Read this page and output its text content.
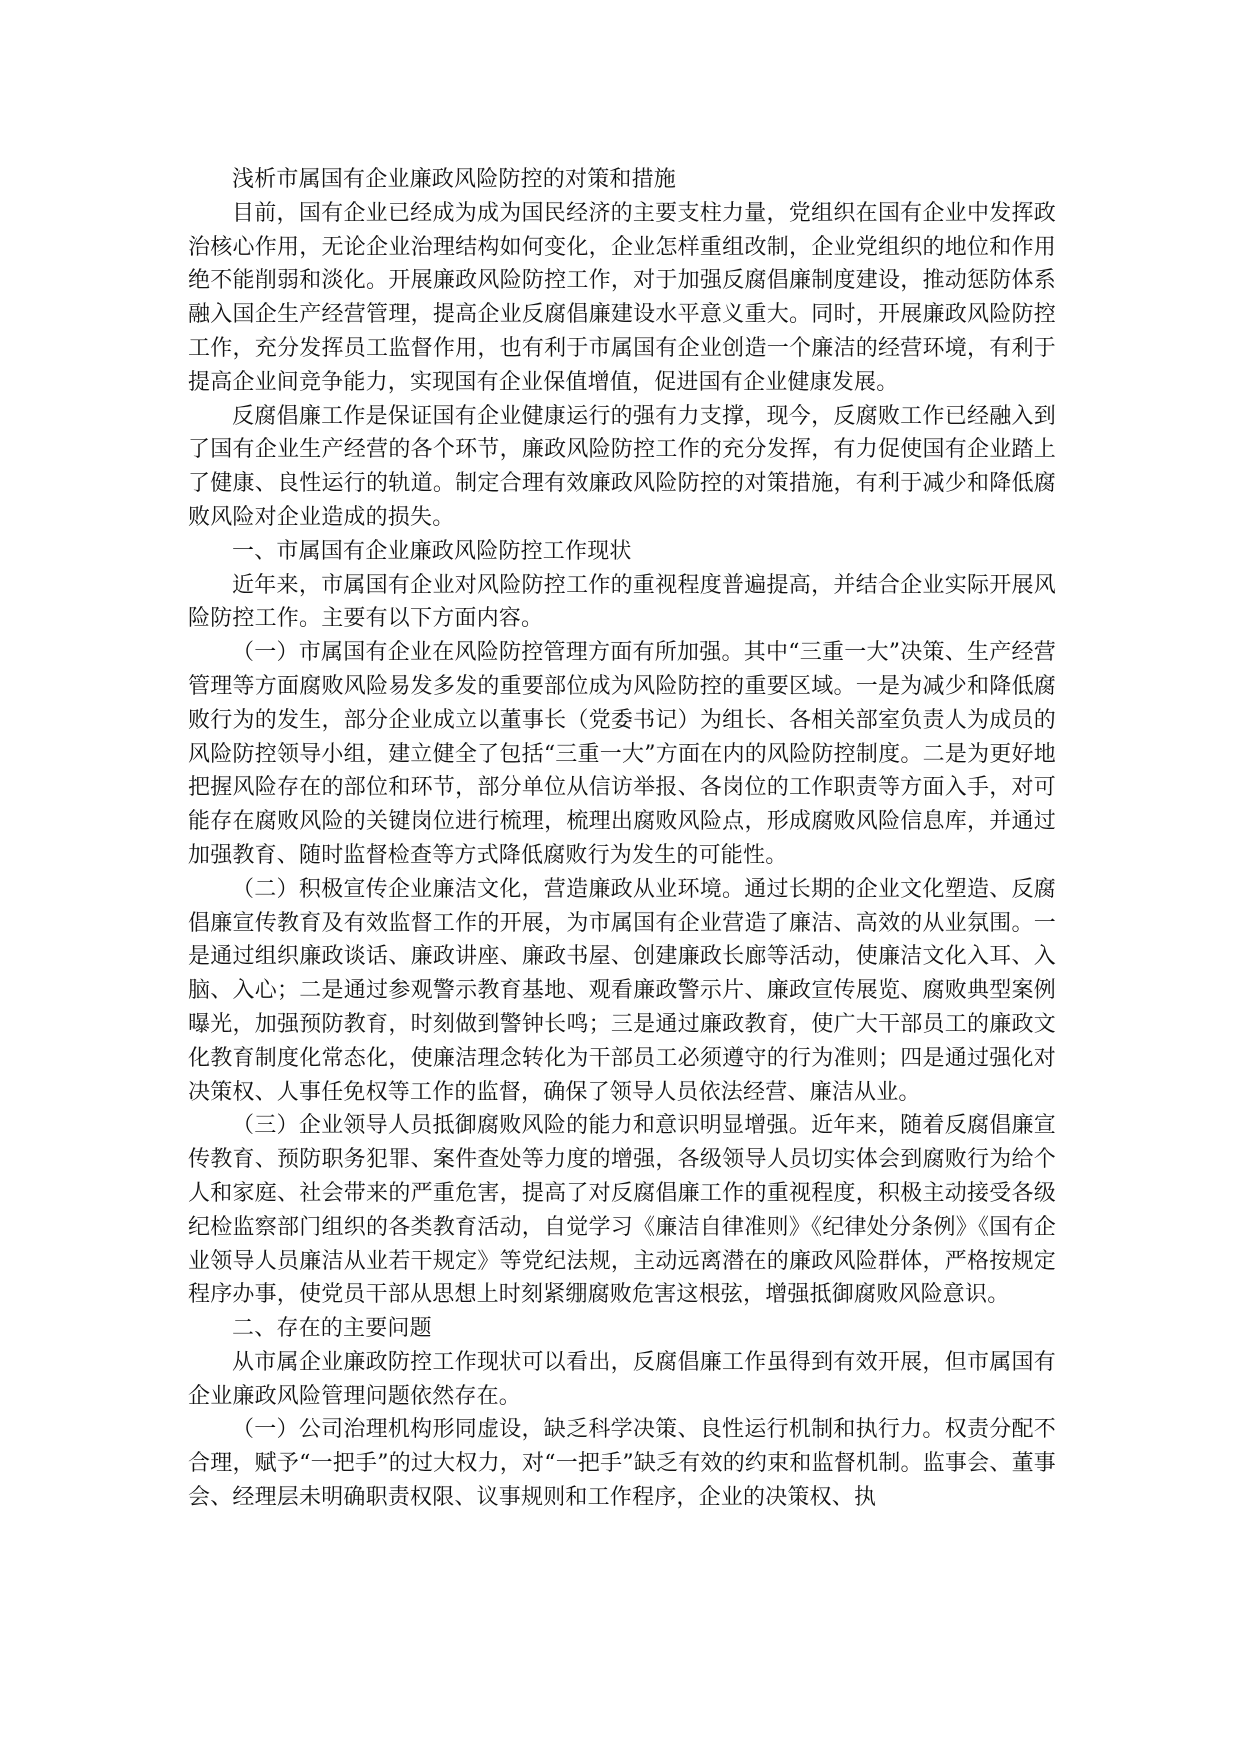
浅析市属国有企业廉政风险防控的对策和措施

目前，国有企业已经成为成为国民经济的主要支柱力量，党组织在国有企业中发挥政治核心作用，无论企业治理结构如何变化，企业怎样重组改制，企业党组织的地位和作用绝不能削弱和淡化。开展廉政风险防控工作，对于加强反腐倡廉制度建设，推动惩防体系融入国企生产经营管理，提高企业反腐倡廉建设水平意义重大。同时，开展廉政风险防控工作，充分发挥员工监督作用，也有利于市属国有企业创造一个廉洁的经营环境，有利于提高企业间竞争能力，实现国有企业保值增值，促进国有企业健康发展。

反腐倡廉工作是保证国有企业健康运行的强有力支撑，现今，反腐败工作已经融入到了国有企业生产经营的各个环节，廉政风险防控工作的充分发挥，有力促使国有企业踏上了健康、良性运行的轨道。制定合理有效廉政风险防控的对策措施，有利于减少和降低腐败风险对企业造成的损失。

一、市属国有企业廉政风险防控工作现状

近年来，市属国有企业对风险防控工作的重视程度普遍提高，并结合企业实际开展风险防控工作。主要有以下方面内容。

（一）市属国有企业在风险防控管理方面有所加强。其中“三重一大”决策、生产经营管理等方面腐败风险易发多发的重要部位成为风险防控的重要区域。一是为减少和降低腐败行为的发生，部分企业成立以董事长（党委书记）为组长、各相关部室负责人为成员的风险防控领导小组，建立健全了包括“三重一大”方面在内的风险防控制度。二是为更好地把握风险存在的部位和环节，部分单位从信访举报、各岗位的工作职责等方面入手，对可能存在腐败风险的关键岗位进行梳理，梳理出腐败风险点，形成腐败风险信息库，并通过加强教育、随时监督检查等方式降低腐败行为发生的可能性。

（二）积极宣传企业廉洁文化，营造廉政从业环境。通过长期的企业文化塑造、反腐倡廉宣传教育及有效监督工作的开展，为市属国有企业营造了廉洁、高效的从业氛围。一是通过组织廉政谈话、廉政讲座、廉政书屋、创建廉政长廊等活动，使廉洁文化入耳、入脑、入心；二是通过参观警示教育基地、观看廉政警示片、廉政宣传展览、腐败典型案例曝光，加强预防教育，时刻做到警钟长鸣；三是通过廉政教育，使广大干部员工的廉政文化教育制度化常态化，使廉洁理念转化为干部员工必须遵守的行为准则；四是通过强化对决策权、人事任免权等工作的监督，确保了领导人员依法经营、廉洁从业。

（三）企业领导人员抵御腐败风险的能力和意识明显增强。近年来，随着反腐倡廉宣传教育、预防职务犯罪、案件查处等力度的增强，各级领导人员切实体会到腐败行为给个人和家庭、社会带来的严重危害，提高了对反腐倡廉工作的重视程度，积极主动接受各级纪检监察部门组织的各类教育活动，自觉学习《廉洁自律准则》《纪律处分条例》《国有企业领导人员廉洁从业若干规定》等党纪法规，主动远离潜在的廉政风险群体，严格按规定程序办事，使党员干部从思想上时刻紧绷腐败危害这根弦，增强抵御腐败风险意识。

二、存在的主要问题

从市属企业廉政防控工作现状可以看出，反腐倡廉工作虽得到有效开展，但市属国有企业廉政风险管理问题依然存在。

（一）公司治理机构形同虚设，缺乏科学决策、良性运行机制和执行力。权责分配不合理，赋予“一把手”的过大权力，对“一把手”缺乏有效的约束和监督机制。监事会、董事会、经理层未明确职责权限、议事规则和工作程序，企业的决策权、执
